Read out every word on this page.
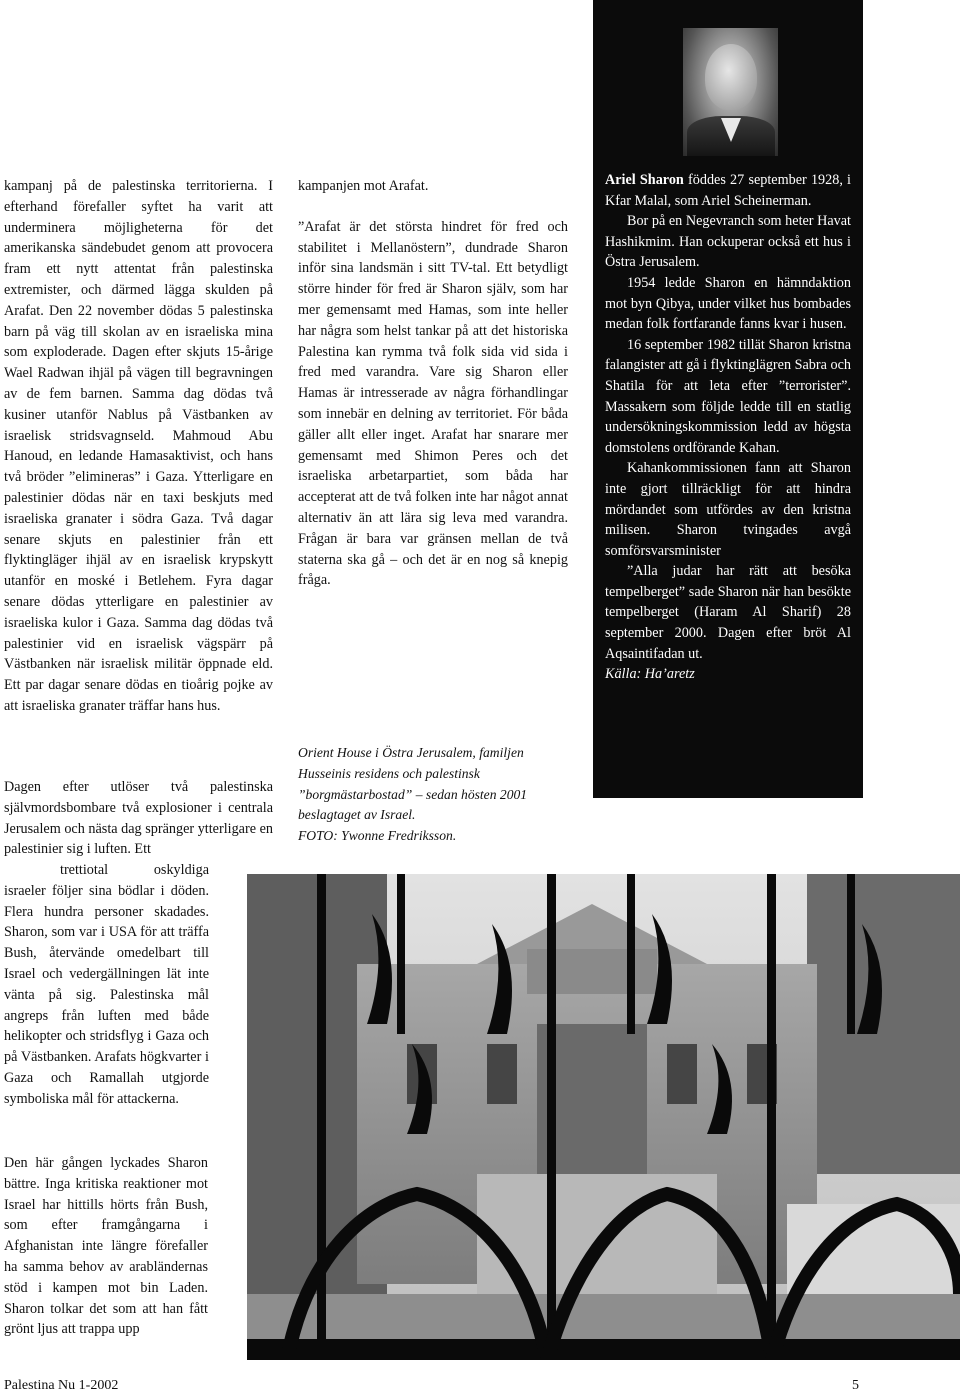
kampanj på de palestinska territorierna. I efterhand förefaller syftet ha varit att underminera möjligheterna för det amerikanska sändebudet genom att provocera fram ett nytt attentat från palestinska extremister, och därmed lägga skulden på Arafat. Den 22 november dödas 5 palestinska barn på väg till skolan av en israeliska mina som exploderade. Dagen efter skjuts 15-årige Wael Radwan ihjäl på vägen till begravningen av de fem barnen. Samma dag dödas två kusiner utanför Nablus på Västbanken av israelisk stridsvagnseld. Mahmoud Abu Hanoud, en ledande Hamasaktivist, och hans två bröder ”elimineras” i Gaza. Ytterligare en palestinier dödas när en taxi beskjuts med israeliska granater i södra Gaza. Två dagar senare skjuts en palestinier från ett flyktingläger ihjäl av en israelisk krypskytt utanför en moské i Betlehem. Fyra dagar senare dödas ytterligare en palestinier av israeliska kulor i Gaza. Samma dag dödas två palestinier vid en israelisk vägspärr på Västbanken när israelisk militär öppnade eld. Ett par dagar senare dödas en tioårig pojke av att israeliska granater träffar hans hus.

Dagen efter utlöser två palestinska självmordsbombare två explosioner i centrala Jerusalem och nästa dag spränger ytterligare en palestinier sig i luften. Ett

Den här gången lyckades Sharon bättre. Inga kritiska reaktioner mot Israel har hittills hörts från Bush, som efter framgångarna i Afghanistan inte längre förefaller ha samma behov av arabländernas stöd i kampen mot bin Laden. Sharon tolkar det som att han fått grönt ljus att trappa upp

trettiotal oskyldiga israeler följer sina bödlar i döden. Flera hundra personer skadades. Sharon, som var i USA för att träffa Bush, återvände omedelbart till Israel och vedergällningen lät inte vänta på sig. Palestinska mål angreps från luften med både helikopter och stridsflyg i Gaza och på Västbanken. Arafats högkvarter i Gaza och Ramallah utgjorde symboliska mål för attackerna.

kampanjen mot Arafat.

”Arafat är det största hindret för fred och stabilitet i Mellanöstern”, dundrade Sharon inför sina landsmän i sitt TV-tal. Ett betydligt större hinder för fred är Sharon själv, som har mer gemensamt med Hamas, som inte heller har några som helst tankar på att det historiska Palestina kan rymma två folk sida vid sida i fred med varandra. Vare sig Sharon eller Hamas är intresserade av några förhandlingar som innebär en delning av territoriet. För båda gäller allt eller inget. Arafat har snarare mer gemensamt med Shimon Peres och det israeliska arbetarpartiet, som båda har accepterat att de två folken inte har något annat alternativ än att lära sig leva med varandra. Frågan är bara var gränsen mellan de två staterna ska gå – och det är en nog så knepig fråga.

Orient House i Östra Jerusalem, familjen Husseinis residens och palestinsk ”borgmästarbostad” – sedan hösten 2001 beslagtaget av Israel.

FOTO: Ywonne Fredriksson.

Ariel Sharon föddes 27 september 1928, i Kfar Malal, som Ariel Scheinerman.

Bor på en Negevranch som heter Havat Hashikmim. Han ockuperar också ett hus i Östra Jerusalem.

1954 ledde Sharon en hämndaktion mot byn Qibya, under vilket hus bombades medan folk fortfarande fanns kvar i husen.

16 september 1982 tillät Sharon kristna falangister att gå i flyktinglägren Sabra och Shatila för att leta efter ”terrorister”. Massakern som följde ledde till en statlig undersökningskommission ledd av högsta domstolens ordförande Kahan.

Kahankommissionen fann att Sharon inte gjort tillräckligt för att hindra mördandet som utfördes av den kristna milisen. Sharon tvingades avgå somförsvarsminister

”Alla judar har rätt att besöka tempelberget” sade Sharon när han besökte tempelberget (Haram Al Sharif) 28 september 2000. Dagen efter bröt Al Aqsaintifadan ut.

Källa: Ha’aretz

Palestina Nu 1-2002	5
